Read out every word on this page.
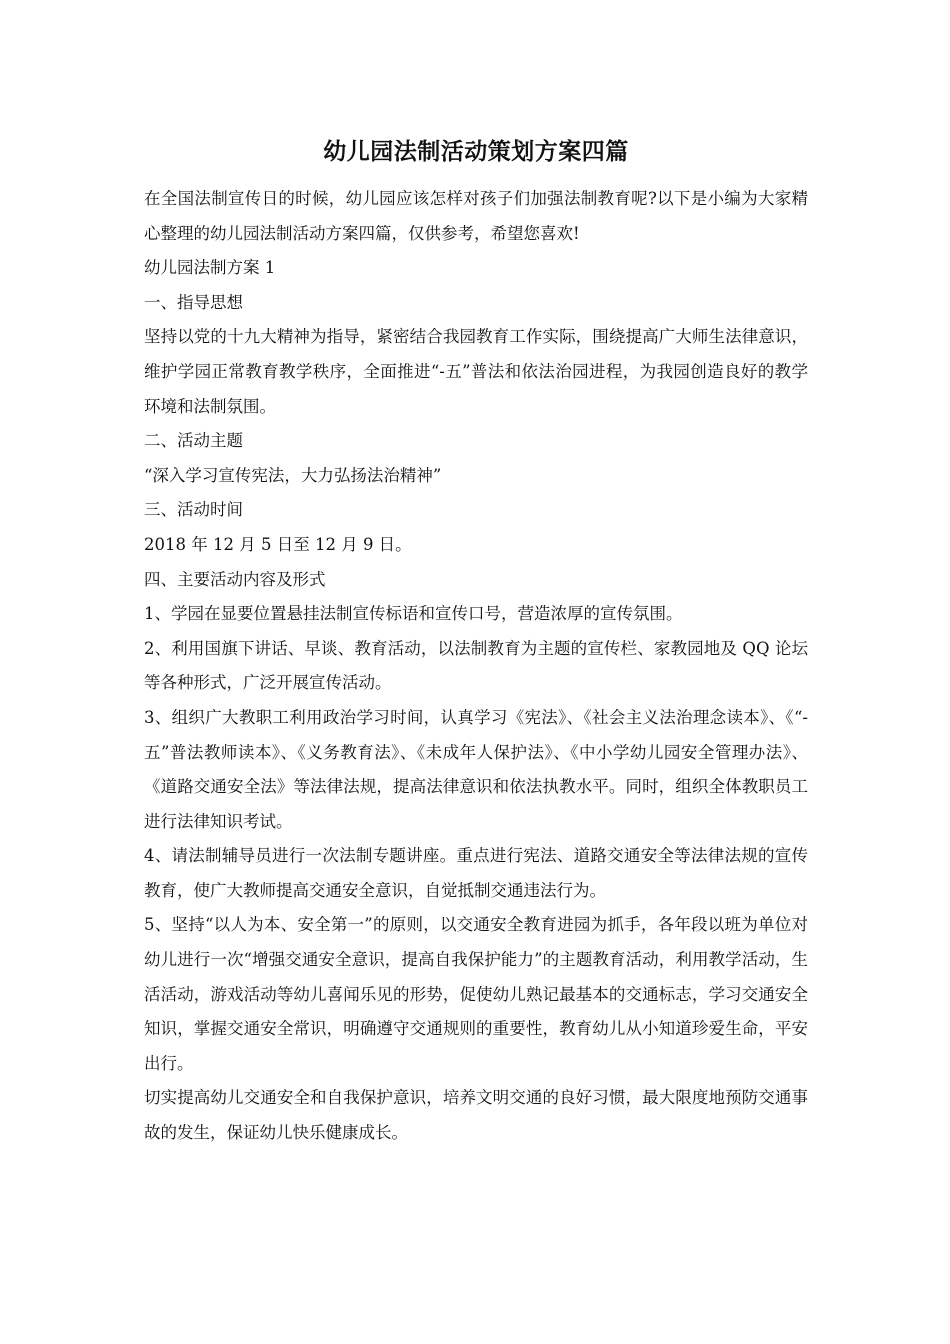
幼儿园法制活动策划方案四篇

在全国法制宣传日的时候，幼儿园应该怎样对孩子们加强法制教育呢?以下是小编为大家精心整理的幼儿园法制活动方案四篇，仅供参考，希望您喜欢!

幼儿园法制方案 1

一、指导思想

坚持以党的十九大精神为指导，紧密结合我园教育工作实际，围绕提高广大师生法律意识，维护学园正常教育教学秩序，全面推进“-五”普法和依法治园进程，为我园创造良好的教学环境和法制氛围。

二、活动主题

“深入学习宣传宪法，大力弘扬法治精神”

三、活动时间

2018 年 12 月 5 日至 12 月 9 日。

四、主要活动内容及形式

1、学园在显要位置悬挂法制宣传标语和宣传口号，营造浓厚的宣传氛围。

2、利用国旗下讲话、早谈、教育活动，以法制教育为主题的宣传栏、家教园地及 QQ 论坛等各种形式，广泛开展宣传活动。

3、组织广大教职工利用政治学习时间，认真学习《宪法》、《社会主义法治理念读本》、《“-五”普法教师读本》、《义务教育法》、《未成年人保护法》、《中小学幼儿园安全管理办法》、《道路交通安全法》等法律法规，提高法律意识和依法执教水平。同时，组织全体教职员工进行法律知识考试。

4、请法制辅导员进行一次法制专题讲座。重点进行宪法、道路交通安全等法律法规的宣传教育，使广大教师提高交通安全意识，自觉抵制交通违法行为。

5、坚持“以人为本、安全第一”的原则，以交通安全教育进园为抓手，各年段以班为单位对幼儿进行一次“增强交通安全意识，提高自我保护能力”的主题教育活动，利用教学活动，生活活动，游戏活动等幼儿喜闻乐见的形势，促使幼儿熟记最基本的交通标志，学习交通安全知识，掌握交通安全常识，明确遵守交通规则的重要性，教育幼儿从小知道珍爱生命，平安出行。

切实提高幼儿交通安全和自我保护意识，培养文明交通的良好习惯，最大限度地预防交通事故的发生，保证幼儿快乐健康成长。
